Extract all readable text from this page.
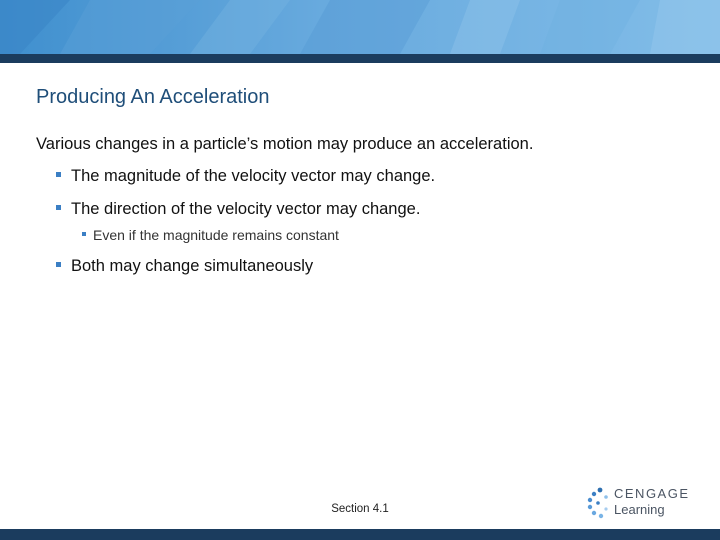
Producing An Acceleration
Various changes in a particle’s motion may produce an acceleration.
The magnitude of the velocity vector may change.
The direction of the velocity vector may change.
Even if the magnitude remains constant
Both may change simultaneously
Section 4.1
CENGAGE
Learning
